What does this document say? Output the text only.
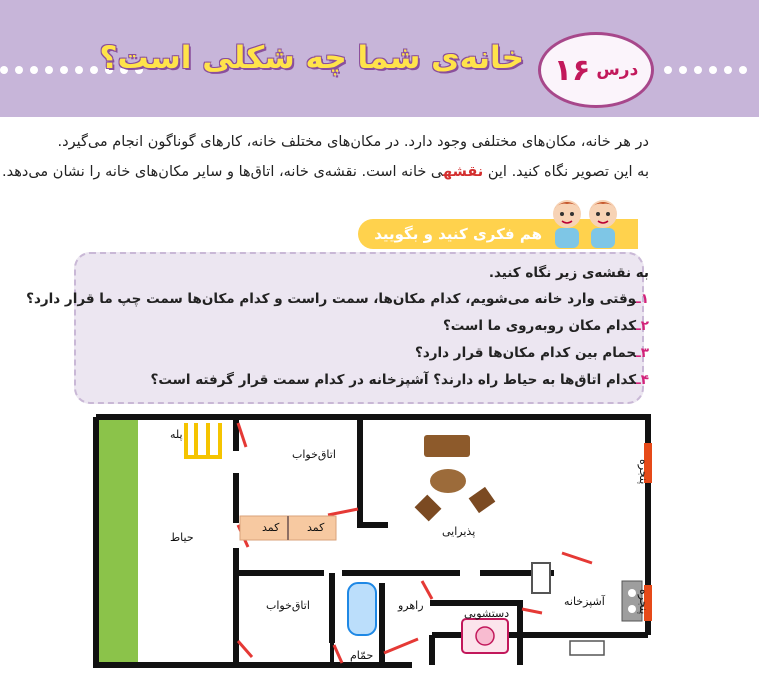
خانه‌ی شما چه شکلی است؟	درس
۱۶
در هر خانه، مکان‌های مختلفی وجود دارد. در مکان‌های مختلف خانه، کارهای گوناگون انجام می‌گیرد.
به این تصویر نگاه کنید. این نقشهی خانه است. نقشه‌ی خانه، اتاق‌ها و سایر مکان‌های خانه را نشان می‌دهد.
هم فکری کنید و بگویید
به نقشه‌ی زیر نگاه کنید.
۱ـوقتی وارد خانه می‌شویم، کدام مکان‌ها، سمت راست و کدام مکان‌ها سمت چپ ما قرار دارد؟
۲ـکدام مکان روبه‌روی ما است؟
۳ـحمام بین کدام مکان‌ها قرار دارد؟
۴ـکدام اتاق‌ها به حیاط راه دارند؟ آشپزخانه در کدام سمت قرار گرفته است؟
پله
اتاق‌خواب
کمد	کمد
حیاط	پذیرایی
پنجره
پنجره
آشپزخانه
اتاق‌خواب	راهرو
دستشویی
حمّام
